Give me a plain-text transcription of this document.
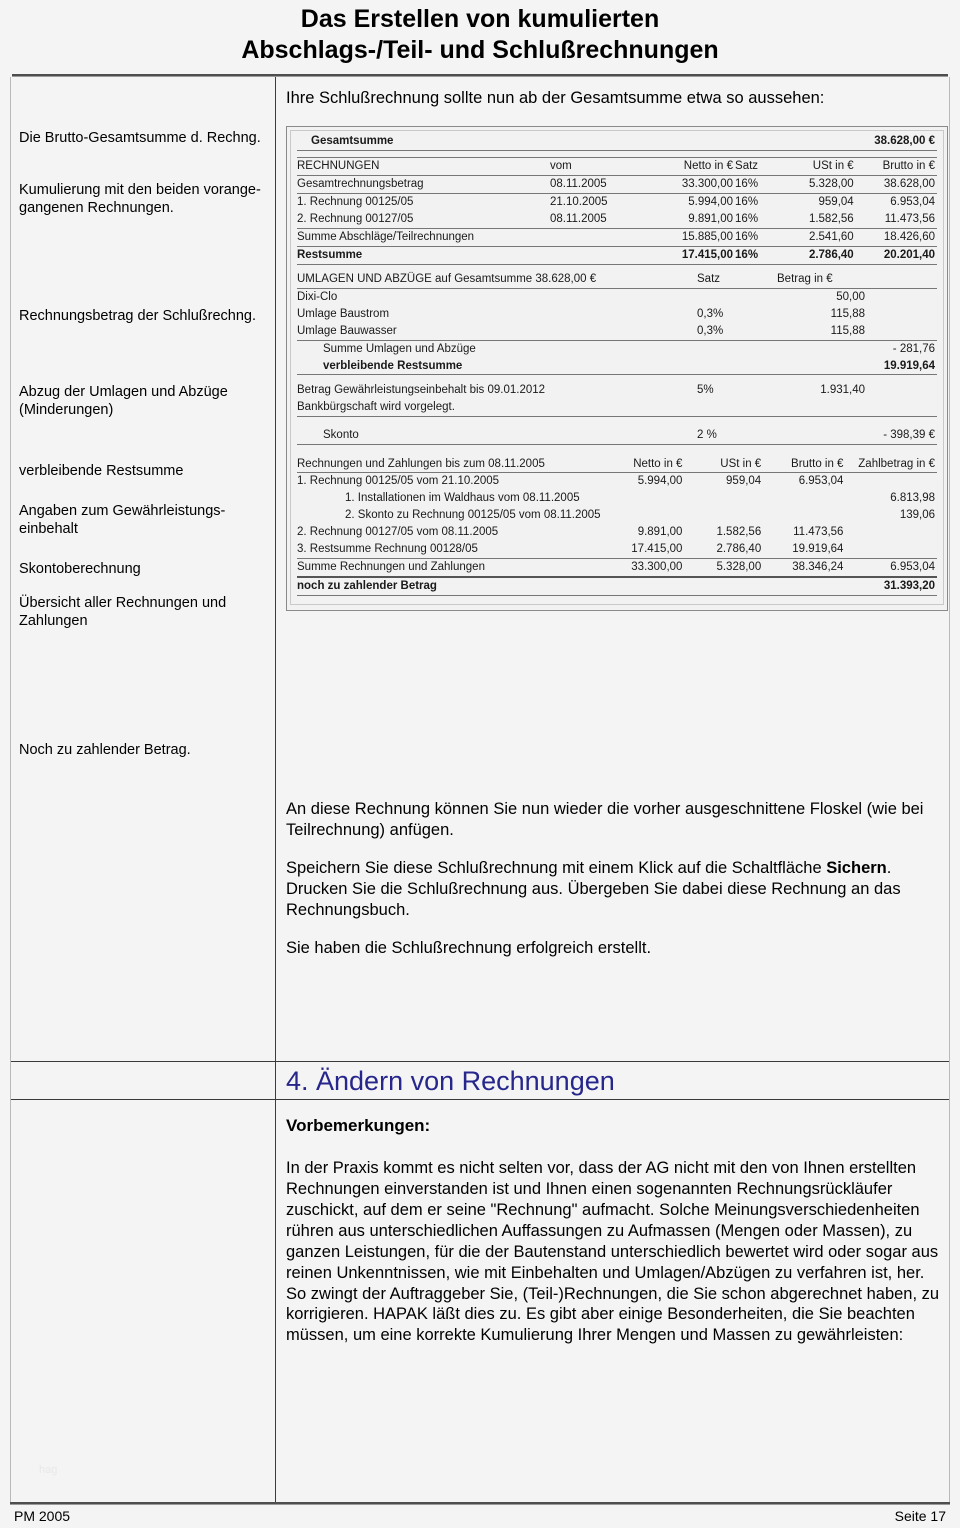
Das Erstellen von kumulierten
Abschlags-/Teil- und Schlußrechnungen
Ihre Schlußrechnung sollte nun ab der Gesamtsumme etwa so aussehen:
Die Brutto-Gesamtsumme d. Rechng.
Kumulierung mit den beiden vorange-
gangenen Rechnungen.
Rechnungsbetrag der Schlußrechng.
Abzug der Umlagen und Abzüge
(Minderungen)
verbleibende Restsumme
Angaben zum Gewährleistungs-
einbehalt
Skontoberechnung
Übersicht aller Rechnungen und
Zahlungen
Noch zu zahlender Betrag.
Gesamtsumme	38.628,00 €

RECHNUNGEN	vom	Netto in €	Satz	USt in €	Brutto in €
Gesamtrechnungsbetrag	08.11.2005	33.300,00	16%	5.328,00	38.628,00
1. Rechnung 00125/05	21.10.2005	5.994,00	16%	959,04	6.953,04
2. Rechnung 00127/05	08.11.2005	9.891,00	16%	1.582,56	11.473,56
Summe Abschläge/Teilrechnungen		15.885,00	16%	2.541,60	18.426,60
Restsumme		17.415,00	16%	2.786,40	20.201,40

UMLAGEN UND ABZÜGE auf Gesamtsumme 38.628,00 €	Satz	Betrag in €	
Dixi-Clo		50,00	
Umlage Baustrom	0,3%	115,88	
Umlage Bauwasser	0,3%	115,88	
Summe Umlagen und Abzüge			- 281,76
verbleibende Restsumme			19.919,64

Betrag Gewährleistungseinbehalt bis 09.01.2012	5%	1.931,40	
Bankbürgschaft wird vorgelegt.			

Skonto	2 %		- 398,39 €

Rechnungen und Zahlungen bis zum 08.11.2005	Netto in €	USt in €	Brutto in €	Zahlbetrag in €
1. Rechnung 00125/05 vom 21.10.2005	5.994,00	959,04	6.953,04	
1. Installationen im Waldhaus vom 08.11.2005				6.813,98
2. Skonto zu Rechnung 00125/05 vom 08.11.2005				139,06
2. Rechnung 00127/05 vom 08.11.2005	9.891,00	1.582,56	11.473,56	
3. Restsumme Rechnung 00128/05	17.415,00	2.786,40	19.919,64	
Summe Rechnungen und Zahlungen	33.300,00	5.328,00	38.346,24	6.953,04
noch zu zahlender Betrag				31.393,20

An diese Rechnung können Sie nun wieder die vorher ausgeschnittene Floskel (wie bei Teilrechnung) anfügen.

Speichern Sie diese Schlußrechnung mit einem Klick auf die Schaltfläche Sichern.
Drucken Sie die Schlußrechnung aus. Übergeben Sie dabei diese Rechnung an das Rechnungsbuch.

Sie haben die Schlußrechnung erfolgreich erstellt.

4. Ändern von Rechnungen
hag

Vorbemerkungen:

In der Praxis kommt es nicht selten vor, dass der AG nicht mit den von Ihnen erstellten Rechnungen einverstanden ist und Ihnen einen sogenannten Rechnungsrückläufer zuschickt, auf dem er seine "Rechnung" aufmacht. Solche Meinungsverschiedenheiten rühren aus unterschiedlichen Auffassungen zu Aufmassen (Mengen oder Massen), zu ganzen Leistungen, für die der Bautenstand unterschiedlich bewertet wird oder sogar aus reinen Unkenntnissen, wie mit Einbehalten und Umlagen/Abzügen zu verfahren ist, her. So zwingt der Auftraggeber Sie, (Teil-)Rechnungen, die Sie schon abgerechnet haben, zu korrigieren. HAPAK läßt dies zu. Es gibt aber einige Besonderheiten, die Sie beachten müssen, um eine korrekte Kumulierung Ihrer Mengen und Massen zu gewährleisten:

PM 2005	Seite 17
